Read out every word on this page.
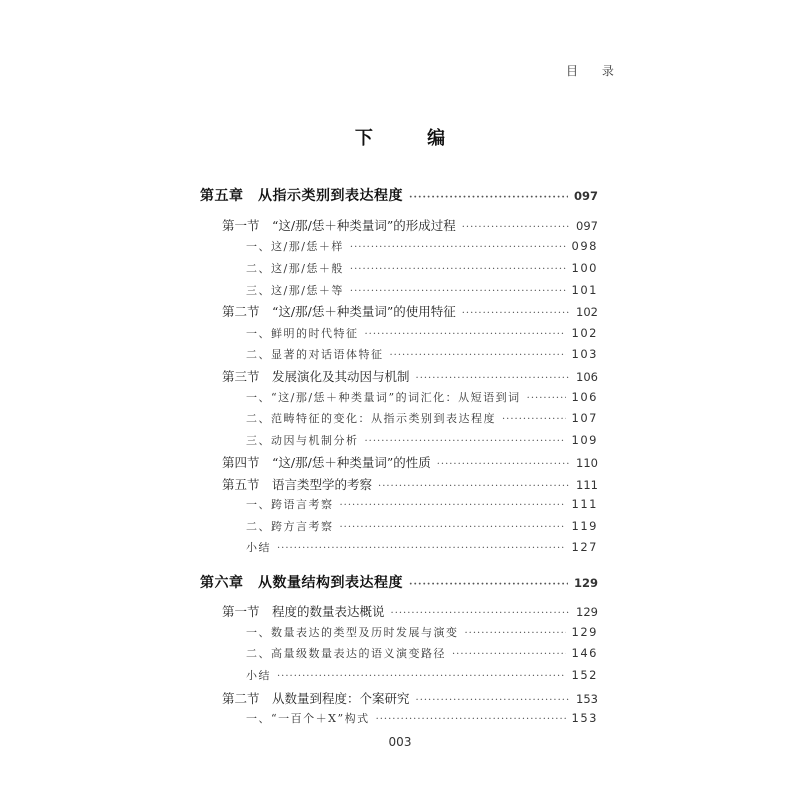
目 录
下 编
第五章　从指示类别到表达程度 ·····	097
第一节　“这/那/恁＋种类量词”的形成过程 ·····	097
一、这/那/恁＋样 ·····	098
二、这/那/恁＋般 ·····	100
三、这/那/恁＋等 ·····	101
第二节　“这/那/恁＋种类量词”的使用特征 ·····	102
一、鲜明的时代特征 ·····	102
二、显著的对话语体特征 ·····	103
第三节　发展演化及其动因与机制 ·····	106
一、“这/那/恁＋种类量词”的词汇化：从短语到词 ·····	106
二、范畴特征的变化：从指示类别到表达程度 ·····	107
三、动因与机制分析 ·····	109
第四节　“这/那/恁＋种类量词”的性质 ·····	110
第五节　语言类型学的考察 ·····	111
一、跨语言考察 ·····	111
二、跨方言考察 ·····	119
小结 ·····	127
第六章　从数量结构到表达程度 ·····	129
第一节　程度的数量表达概说 ·····	129
一、数量表达的类型及历时发展与演变 ·····	129
二、高量级数量表达的语义演变路径 ·····	146
小结 ·····	152
第二节　从数量到程度：个案研究 ·····	153
一、“一百个＋X”构式 ·····	153
003
